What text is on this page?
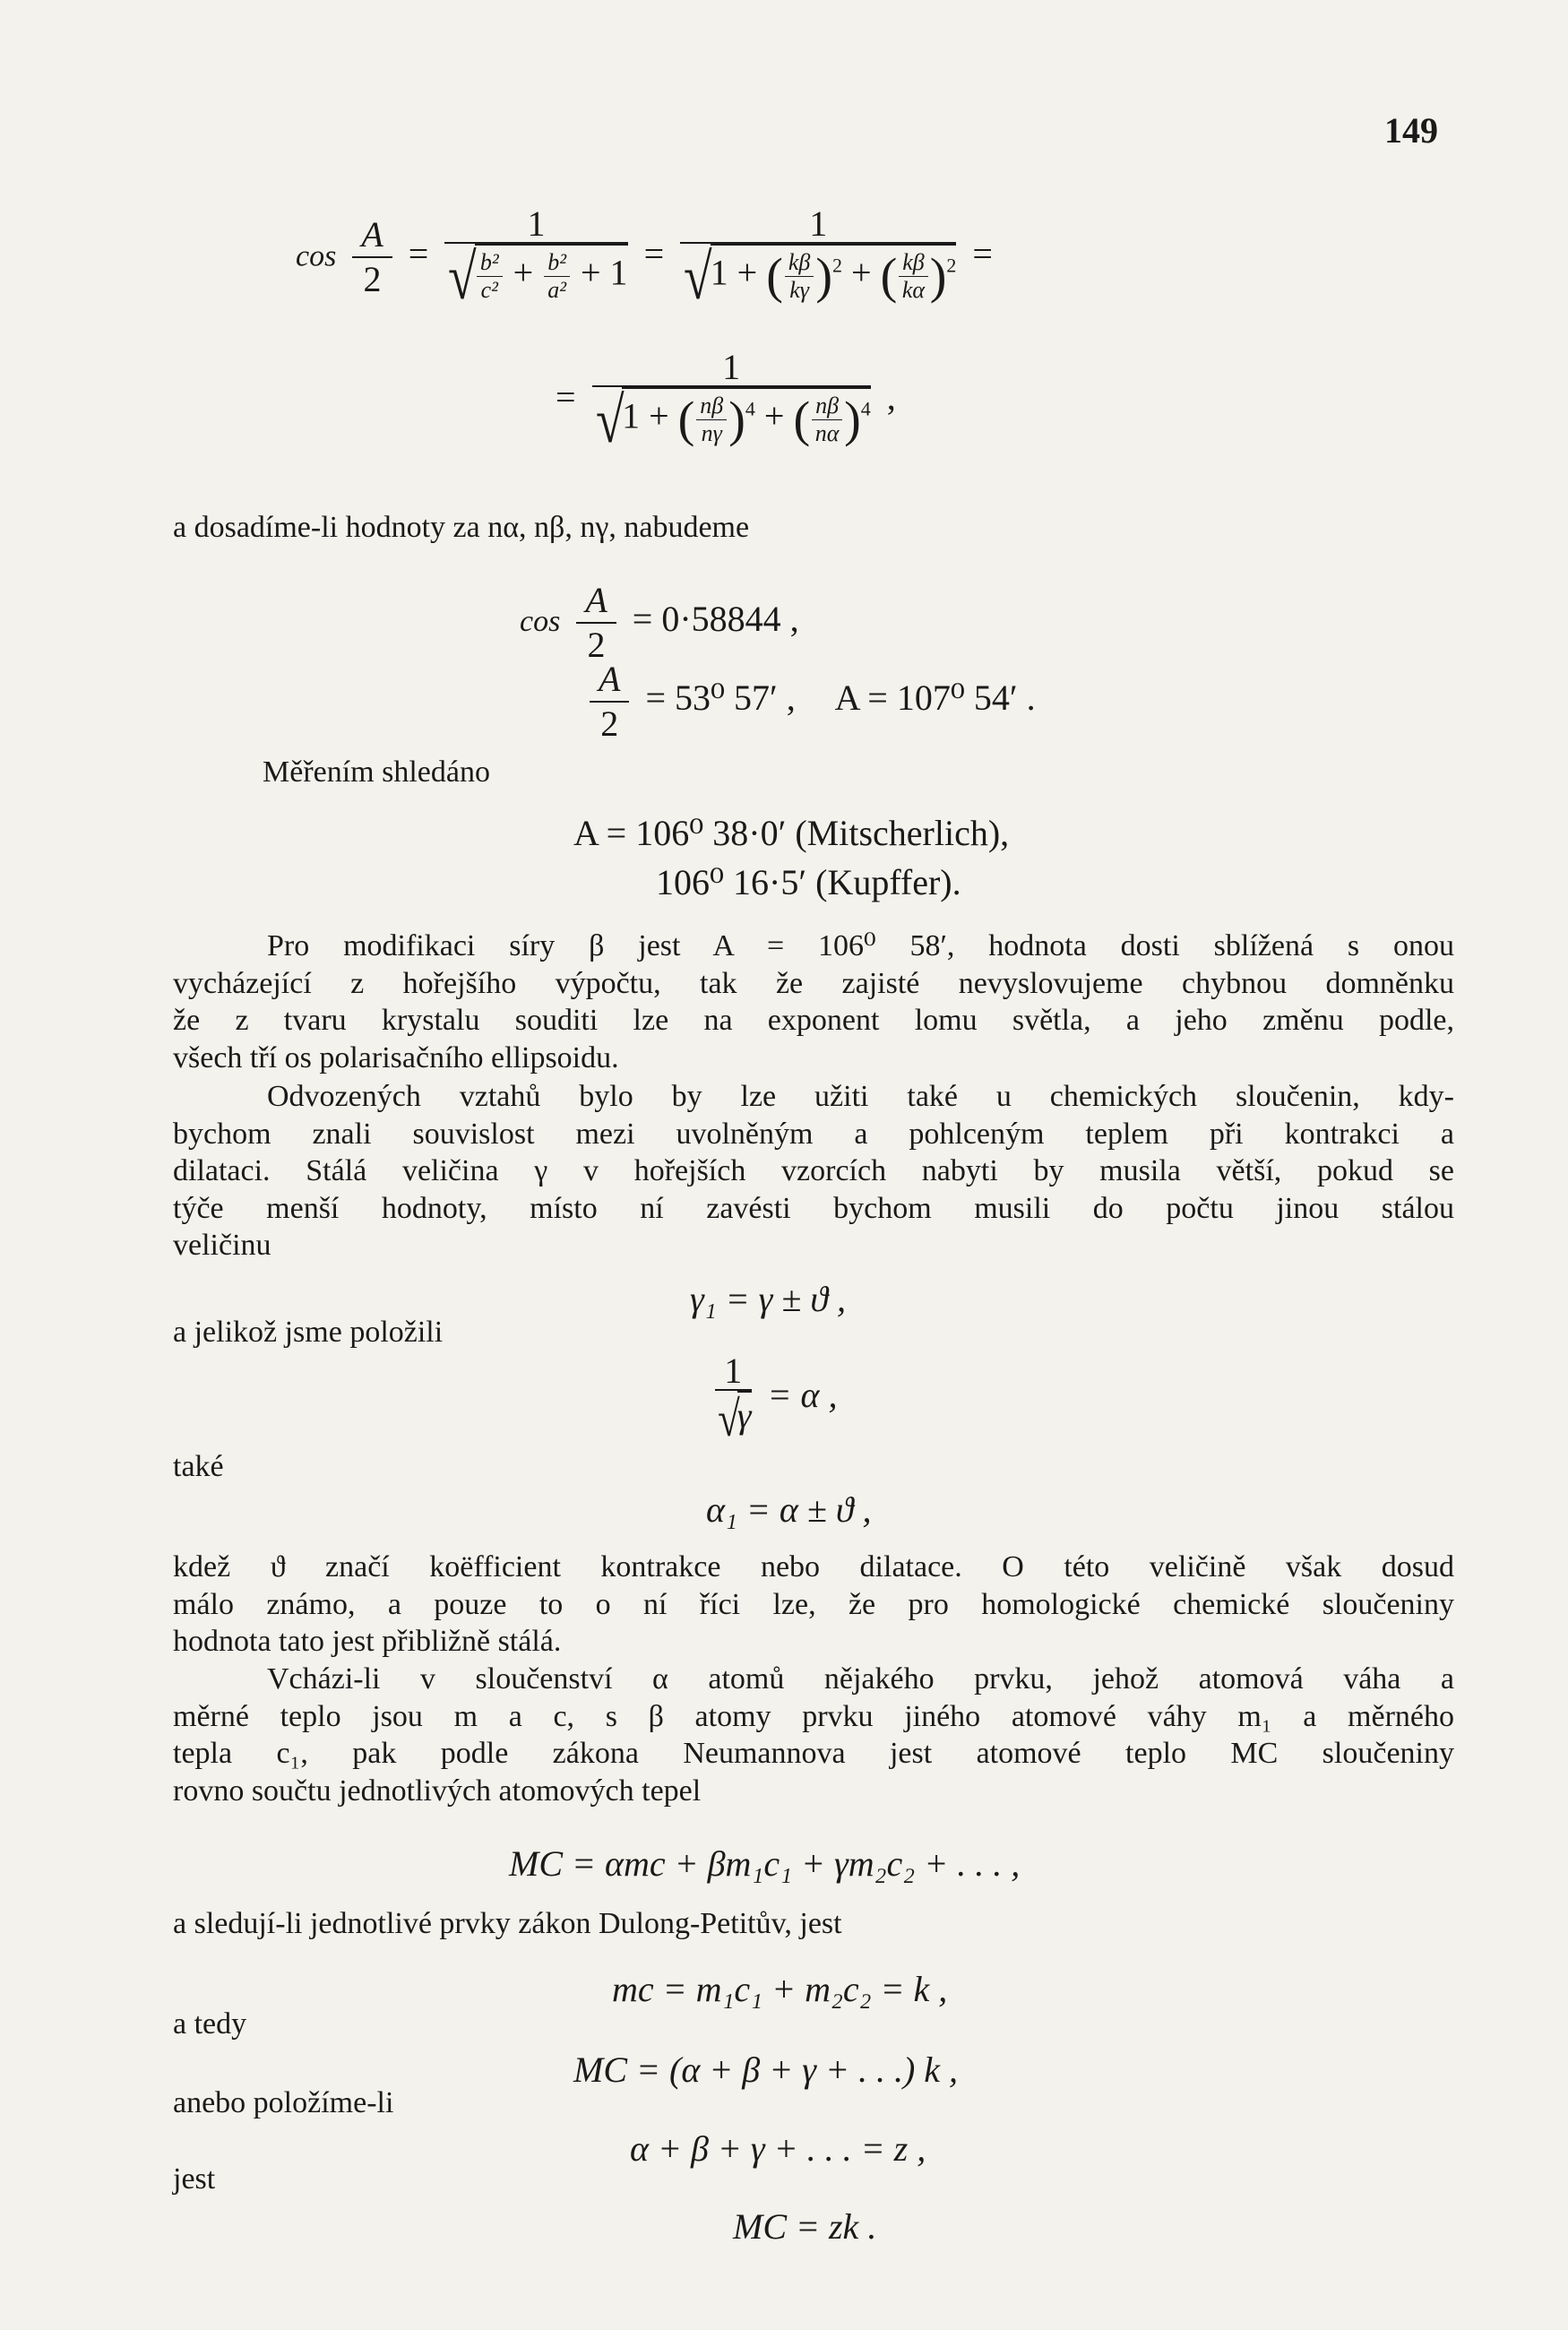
149
$\cos \frac{A}{2} = \frac{1}{√ \frac{\text{b²}}{\text{c²}} + \frac{\text{b²}}{\text{a²}} + 1}$ =
1
√1 + ( $\frac{k\beta}{k\gamma} )^2$ + ( $\frac{k\beta}{k\alpha} )^2$ =
=
1
√1 + ( $\frac{n\beta}{n\gamma} )^4$ + ( $\frac{n\beta}{n\alpha} )^4$ ,
a dosadíme-li hodnoty za nα, nβ, nγ, nabudeme
$\cos \frac{A}{2} = 0\cdot 58844$ ,
$\frac{A}{2} = 53^0$ 57′ , A = 107⁰ 54′ .
Měřením shledáno
A = 106⁰ 38·0′ (Mitscherlich),
106⁰ 16·5′ (Kupffer).
Pro modifikaci síry β jest A = 106⁰ 58′, hodnota dosti sblížená s onou
vycházející z hořejšího výpočtu, tak že zajisté nevyslovujeme chybnou domněnku
že z tvaru krystalu souditi lze na exponent lomu světla, a jeho změnu podle,
všech tří os polarisačního ellipsoidu.
Odvozených vztahů bylo by lze užiti také u chemických sloučenin, kdy-
bychom znali souvislost mezi uvolněným a pohlceným teplem při kontrakci a
dilataci. Stálá veličina γ v hořejších vzorcích nabyti by musila větší, pokud se
týče menší hodnoty, místo ní zavésti bychom musili do počtu jinou stálou
veličinu
γ₁ = γ ± ϑ ,
a jelikož jsme položili
$\frac{1}{√\gamma} = \alpha$ ,
také
α₁ = α ± ϑ ,
kdež ϑ značí koëfficient kontrakce nebo dilatace. O této veličině však dosud
málo známo, a pouze to o ní říci lze, že pro homologické chemické sloučeniny
hodnota tato jest přibližně stálá.
Vcházi-li v sloučenství α atomů nějakého prvku, jehož atomová váha a
měrné teplo jsou m a c, s β atomy prvku jiného atomové váhy m₁ a měrného
tepla c₁, pak podle zákona Neumannova jest atomové teplo MC sloučeniny
rovno součtu jednotlivých atomových tepel
MC = αmc + βm₁c₁ + γm₂c₂ + . . . ,
a sledují-li jednotlivé prvky zákon Dulong-Petitův, jest
mc = m₁c₁ + m₂c₂ = k ,
a tedy
MC = (α + β + γ + . . .) k ,
anebo položíme-li
α + β + γ + . . . = z ,
jest
MC = zk .
